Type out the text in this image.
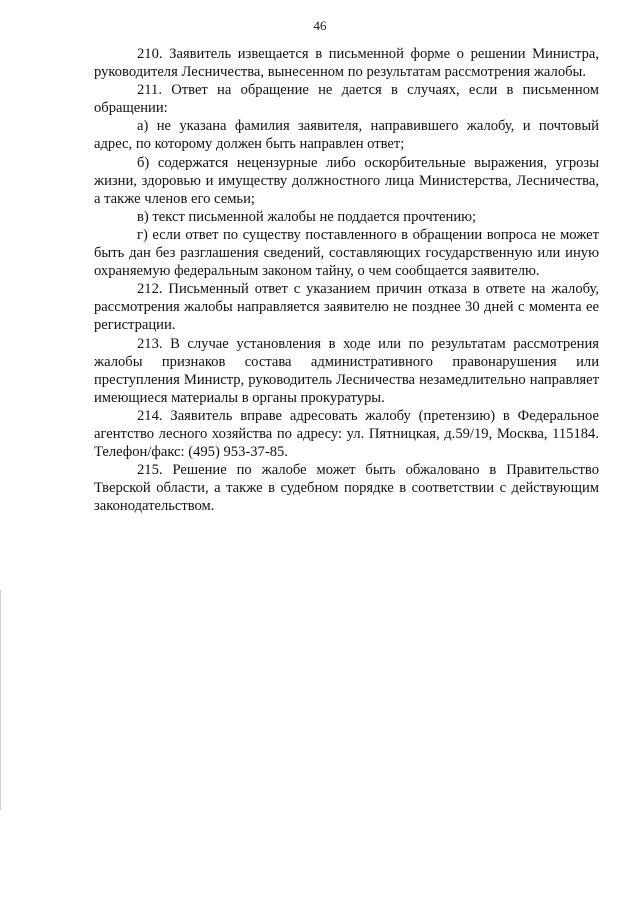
46

210. Заявитель извещается в письменной форме о решении Министра, руководителя Лесничества, вынесенном по результатам рассмотрения жалобы.

211. Ответ на обращение не дается в случаях, если в письменном обращении:

а) не указана фамилия заявителя, направившего жалобу, и почтовый адрес, по которому должен быть направлен ответ;

б) содержатся нецензурные либо оскорбительные выражения, угрозы жизни, здоровью и имуществу должностного лица Министерства, Лесничества, а также членов его семьи;

в) текст письменной жалобы не поддается прочтению;

г) если ответ по существу поставленного в обращении вопроса не может быть дан без разглашения сведений, составляющих государственную или иную охраняемую федеральным законом тайну, о чем сообщается заявителю.

212. Письменный ответ с указанием причин отказа в ответе на жалобу, рассмотрения жалобы направляется заявителю не позднее 30 дней с момента ее регистрации.

213. В случае установления в ходе или по результатам рассмотрения жалобы признаков состава административного правонарушения или преступления Министр, руководитель Лесничества незамедлительно направляет имеющиеся материалы в органы прокуратуры.

214. Заявитель вправе адресовать жалобу (претензию) в Федеральное агентство лесного хозяйства по адресу: ул. Пятницкая, д.59/19, Москва, 115184. Телефон/факс: (495) 953-37-85.

215. Решение по жалобе может быть обжаловано в Правительство Тверской области, а также в судебном порядке в соответствии с действующим законодательством.
